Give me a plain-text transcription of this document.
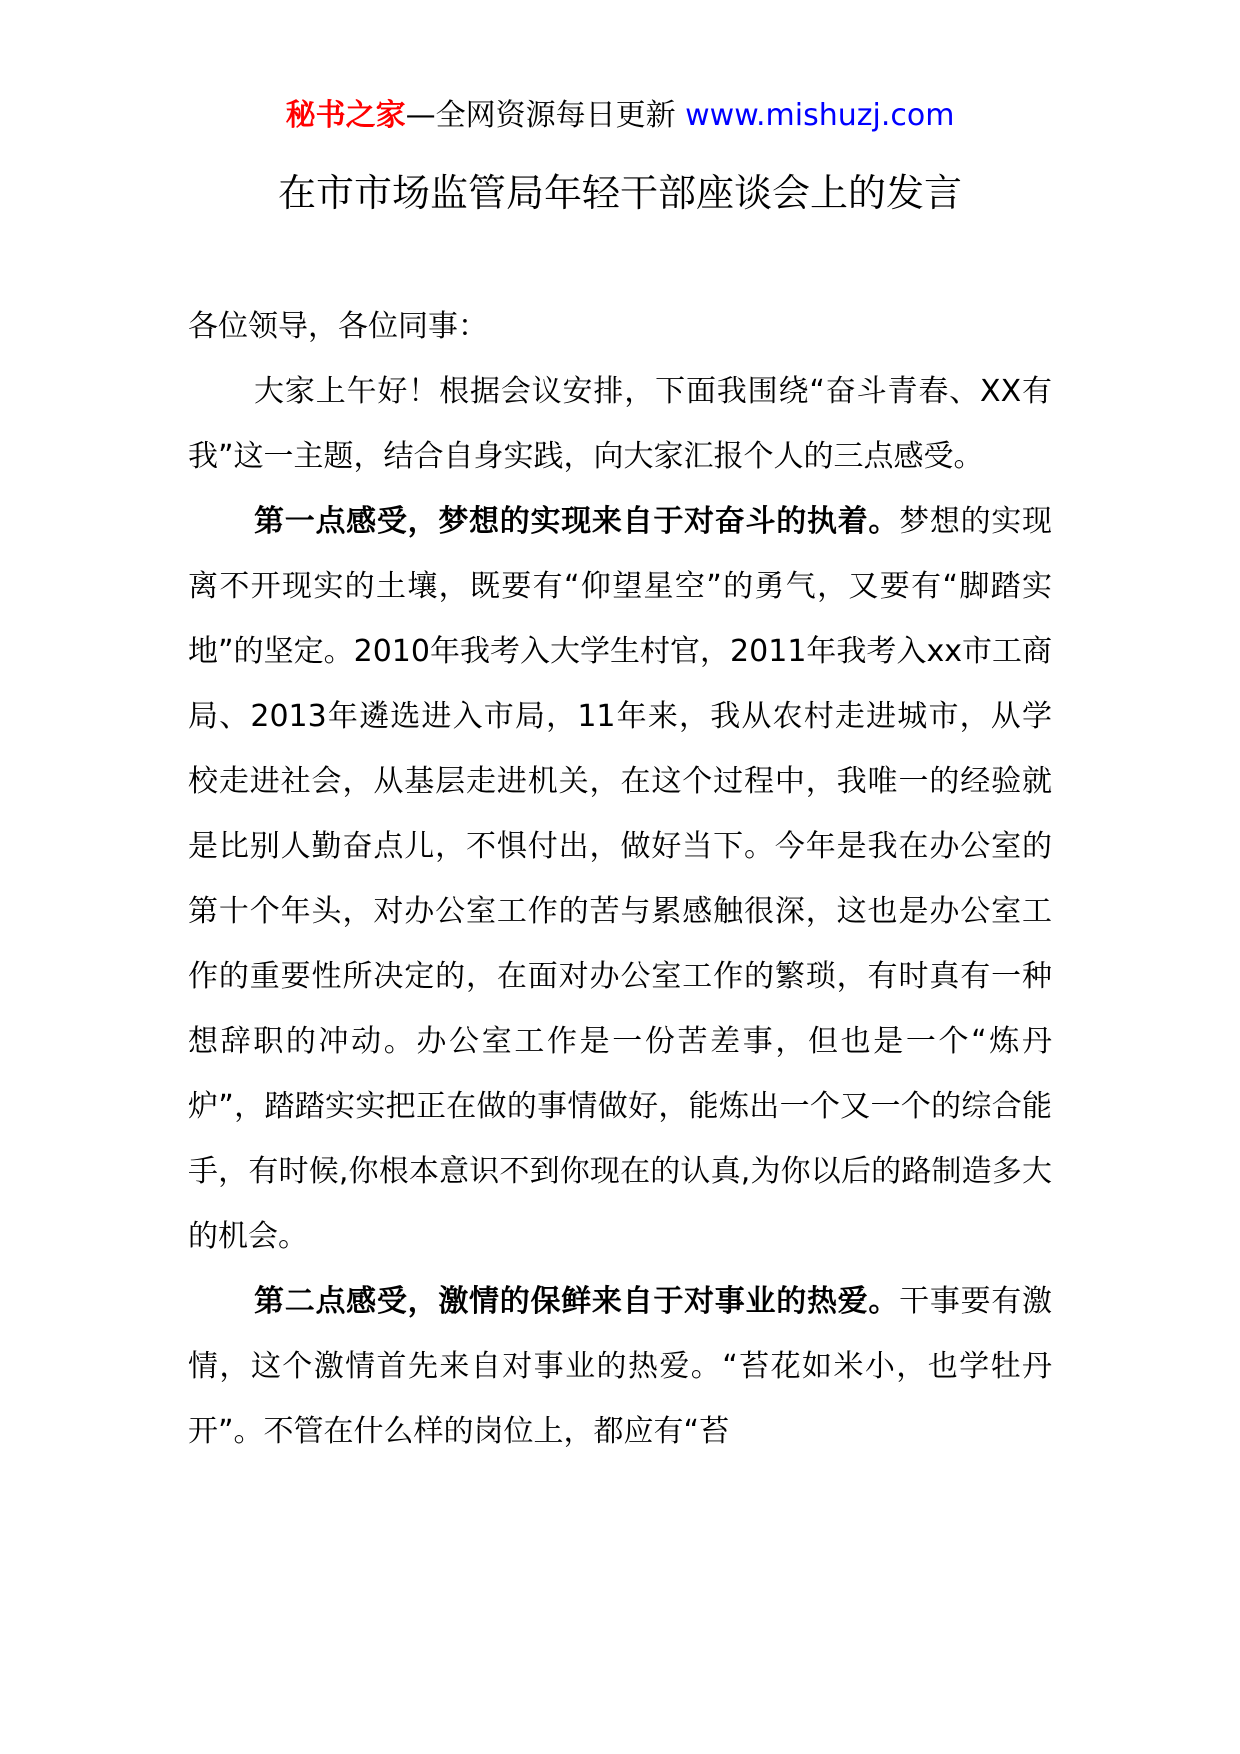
秘书之家—全网资源每日更新 www.mishuzj.com
在市市场监管局年轻干部座谈会上的发言

各位领导，各位同事：

大家上午好！根据会议安排，下面我围绕“奋斗青春、XX有我”这一主题，结合自身实践，向大家汇报个人的三点感受。

第一点感受，梦想的实现来自于对奋斗的执着。梦想的实现离不开现实的土壤，既要有“仰望星空”的勇气，又要有“脚踏实地”的坚定。2010年我考入大学生村官，2011年我考入xx市工商局、2013年遴选进入市局，11年来，我从农村走进城市，从学校走进社会，从基层走进机关，在这个过程中，我唯一的经验就是比别人勤奋点儿，不惧付出，做好当下。今年是我在办公室的第十个年头，对办公室工作的苦与累感触很深，这也是办公室工作的重要性所决定的，在面对办公室工作的繁琐，有时真有一种想辞职的冲动。办公室工作是一份苦差事，但也是一个“炼丹炉”，踏踏实实把正在做的事情做好，能炼出一个又一个的综合能手，有时候,你根本意识不到你现在的认真,为你以后的路制造多大的机会。

第二点感受，激情的保鲜来自于对事业的热爱。干事要有激情，这个激情首先来自对事业的热爱。“苔花如米小，也学牡丹开”。不管在什么样的岗位上，都应有“苔
